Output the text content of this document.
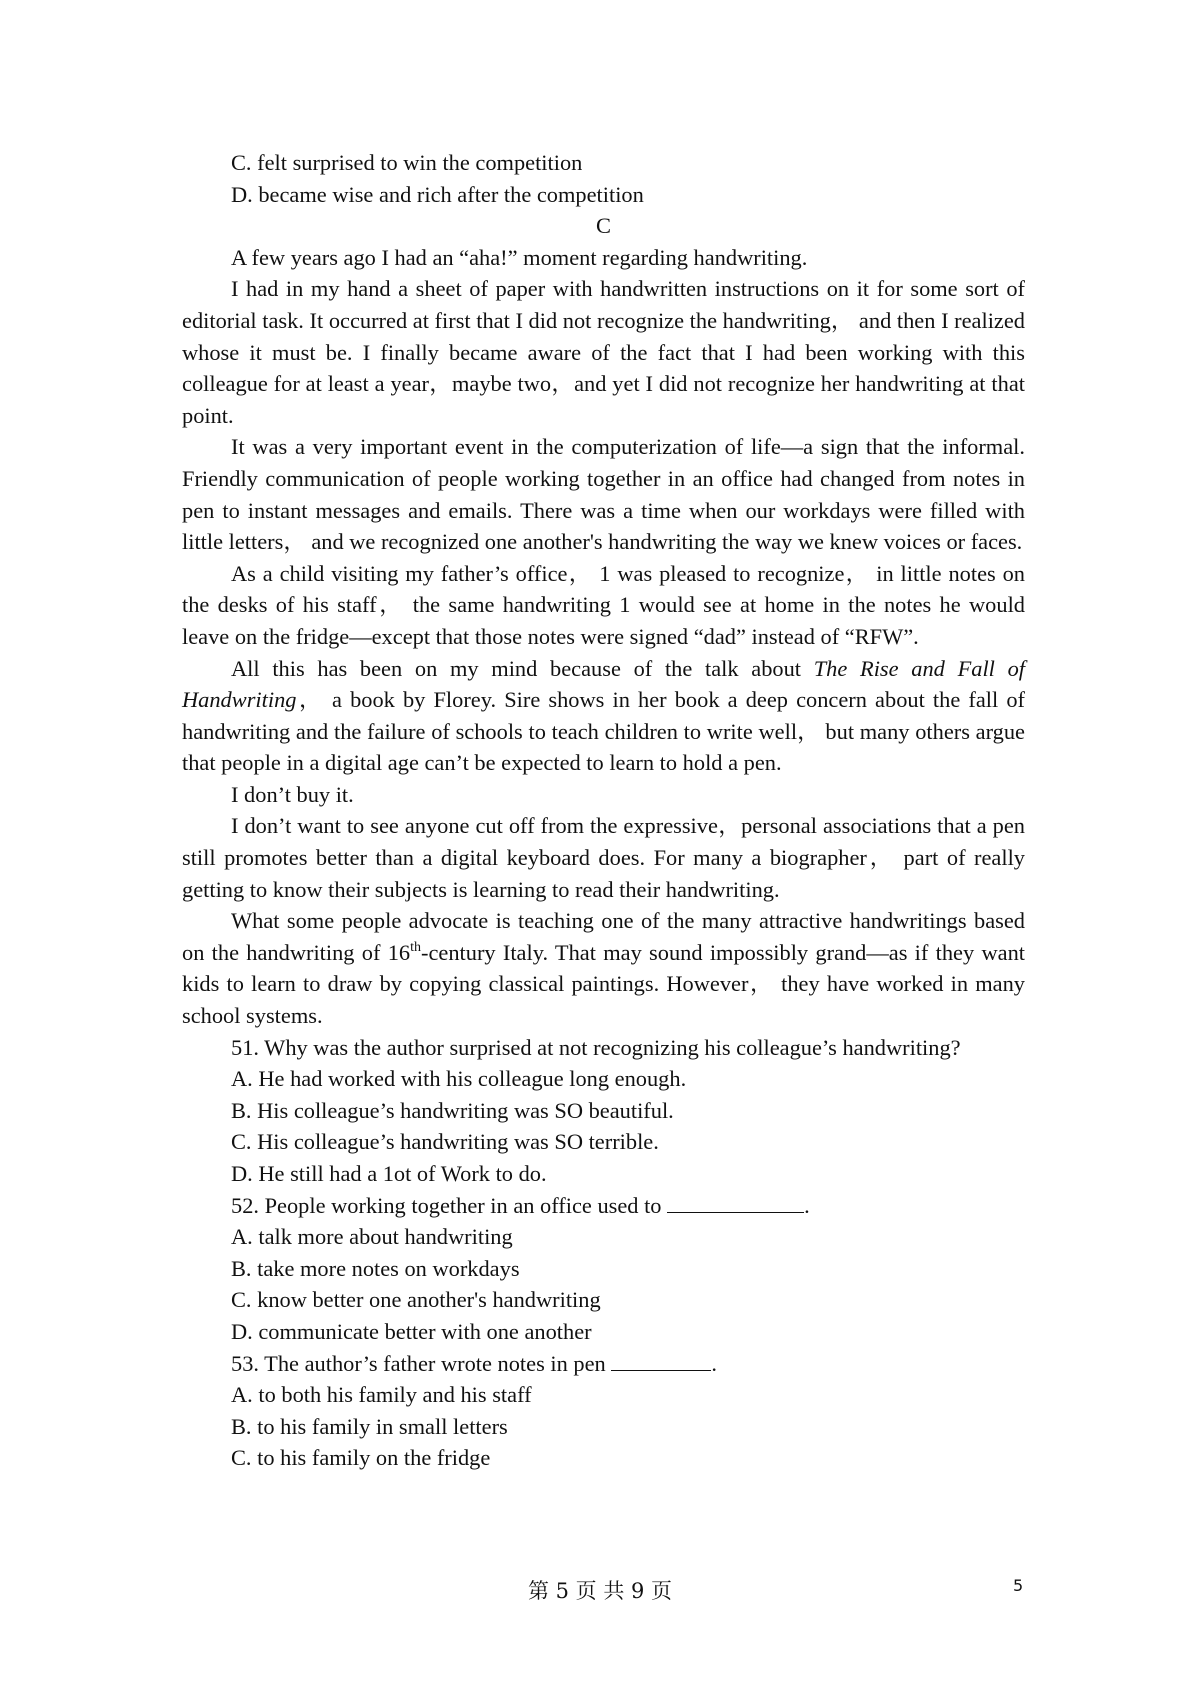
C. felt surprised to win the competition

D. became wise and rich after the competition

C

A few years ago I had an “aha!” moment regarding handwriting.

I had in my hand a sheet of paper with handwritten instructions on it for some sort of editorial task. It occurred at first that I did not recognize the handwriting， and then I realized whose it must be. I finally became aware of the fact that I had been working with this colleague for at least a year，maybe two，and yet I did not recognize her handwriting at that point.

It was a very important event in the computerization of life—a sign that the informal. Friendly communication of people working together in an office had changed from notes in pen to instant messages and emails. There was a time when our workdays were filled with little letters， and we recognized one another's handwriting the way we knew voices or faces.

As a child visiting my father’s office， 1 was pleased to recognize， in little notes on the desks of his staff， the same handwriting 1 would see at home in the notes he would leave on the fridge—except that those notes were signed “dad” instead of “RFW”.

All this has been on my mind because of the talk about The Rise and Fall of Handwriting， a book by Florey. Sire shows in her book a deep concern about the fall of handwriting and the failure of schools to teach children to write well， but many others argue that people in a digital age can’t be expected to learn to hold a pen.

I don’t buy it.

I don’t want to see anyone cut off from the expressive，personal associations that a pen still promotes better than a digital keyboard does. For many a biographer， part of really getting to know their subjects is learning to read their handwriting.

What some people advocate is teaching one of the many attractive handwritings based on the handwriting of 16th-century Italy. That may sound impossibly grand—as if they want kids to learn to draw by copying classical paintings. However， they have worked in many school systems.

51. Why was the author surprised at not recognizing his colleague’s handwriting?

A. He had worked with his colleague long enough.

B. His colleague’s handwriting was SO beautiful.

C. His colleague’s handwriting was SO terrible.

D. He still had a 1ot of Work to do.

52. People working together in an office used to	.

A. talk more about handwriting

B. take more notes on workdays

C. know better one another's handwriting

D. communicate better with one another

53. The author’s father wrote notes in pen	.

A. to both his family and his staff

B. to his family in small letters

C. to his family on the fridge

第 5 页 共 9 页	5
